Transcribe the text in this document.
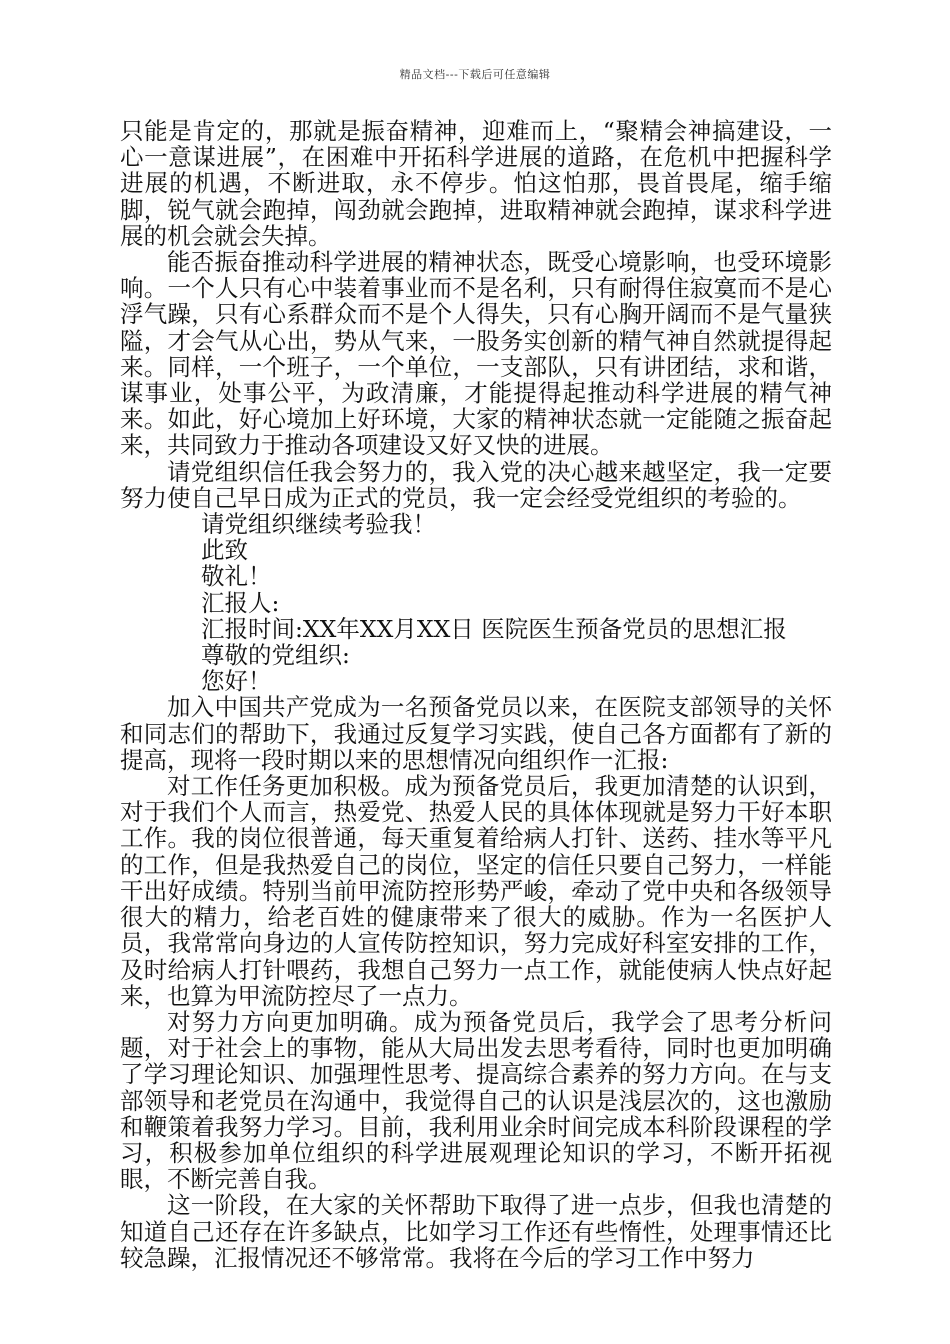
精品文档---下载后可任意编辑

只能是肯定的，那就是振奋精神，迎难而上，“聚精会神搞建设，一心一意谋进展”，在困难中开拓科学进展的道路，在危机中把握科学进展的机遇，不断进取，永不停步。怕这怕那，畏首畏尾，缩手缩脚，锐气就会跑掉，闯劲就会跑掉，进取精神就会跑掉，谋求科学进展的机会就会失掉。

能否振奋推动科学进展的精神状态，既受心境影响，也受环境影响。一个人只有心中装着事业而不是名利，只有耐得住寂寞而不是心浮气躁，只有心系群众而不是个人得失，只有心胸开阔而不是气量狭隘，才会气从心出，势从气来，一股务实创新的精气神自然就提得起来。同样，一个班子，一个单位，一支部队，只有讲团结，求和谐，谋事业，处事公平，为政清廉，才能提得起推动科学进展的精气神来。如此，好心境加上好环境，大家的精神状态就一定能随之振奋起来，共同致力于推动各项建设又好又快的进展。

请党组织信任我会努力的，我入党的决心越来越坚定，我一定要努力使自己早日成为正式的党员，我一定会经受党组织的考验的。

请党组织继续考验我！

此致

敬礼！

汇报人:

汇报时间:XX年XX月XX日 医院医生预备党员的思想汇报

尊敬的党组织:

您好！

加入中国共产党成为一名预备党员以来，在医院支部领导的关怀和同志们的帮助下，我通过反复学习实践，使自己各方面都有了新的提高，现将一段时期以来的思想情况向组织作一汇报:

对工作任务更加积极。成为预备党员后，我更加清楚的认识到，对于我们个人而言，热爱党、热爱人民的具体体现就是努力干好本职工作。我的岗位很普通，每天重复着给病人打针、送药、挂水等平凡的工作，但是我热爱自己的岗位，坚定的信任只要自己努力，一样能干出好成绩。特别当前甲流防控形势严峻，牵动了党中央和各级领导很大的精力，给老百姓的健康带来了很大的威胁。作为一名医护人员，我常常向身边的人宣传防控知识，努力完成好科室安排的工作，及时给病人打针喂药，我想自己努力一点工作，就能使病人快点好起来，也算为甲流防控尽了一点力。

对努力方向更加明确。成为预备党员后，我学会了思考分析问题，对于社会上的事物，能从大局出发去思考看待，同时也更加明确了学习理论知识、加强理性思考、提高综合素养的努力方向。在与支部领导和老党员在沟通中，我觉得自己的认识是浅层次的，这也激励和鞭策着我努力学习。目前，我利用业余时间完成本科阶段课程的学习，积极参加单位组织的科学进展观理论知识的学习，不断开拓视眼，不断完善自我。

这一阶段，在大家的关怀帮助下取得了进一点步，但我也清楚的知道自己还存在许多缺点，比如学习工作还有些惰性，处理事情还比较急躁，汇报情况还不够常常。我将在今后的学习工作中努力
